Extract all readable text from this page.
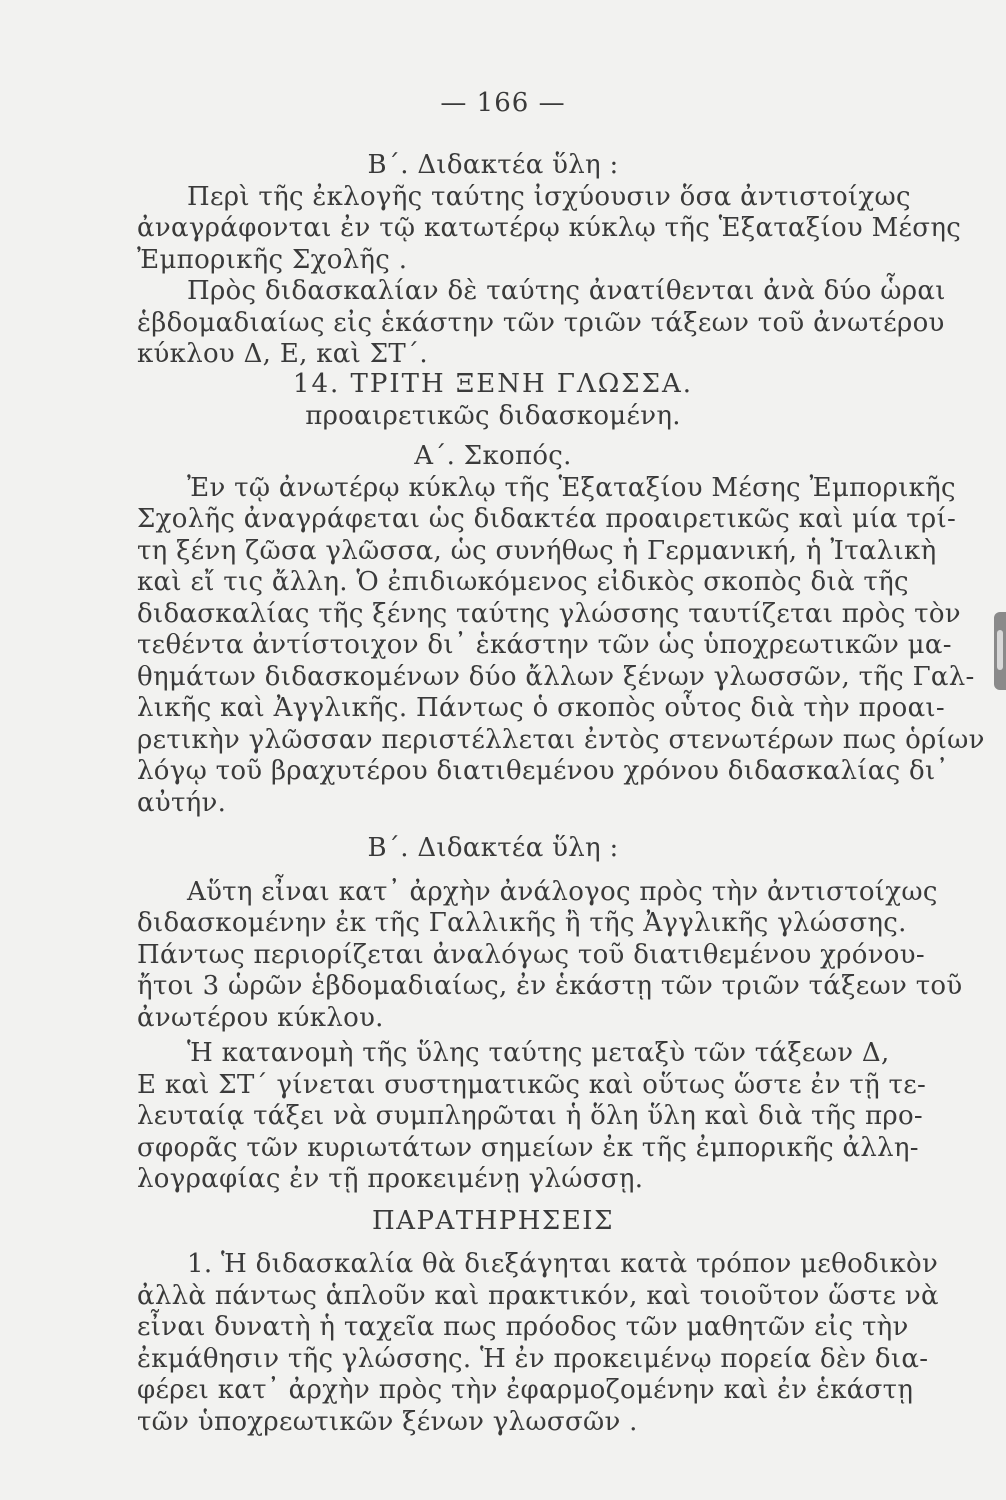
— 166 —
Β΄. Διδακτέα ὕλη :
Περὶ τῆς ἐκλογῆς ταύτης ἰσχύουσιν ὅσα ἀντιστοίχως
ἀναγράφονται ἐν τῷ κατωτέρῳ κύκλῳ τῆς Ἑξαταξίου Μέσης
Ἐμπορικῆς Σχολῆς .
Πρὸς διδασκαλίαν δὲ ταύτης ἀνατίθενται ἀνὰ δύο ὧραι
ἑβδομαδιαίως εἰς ἑκάστην τῶν τριῶν τάξεων τοῦ ἀνωτέρου
κύκλου Δ, Ε, καὶ ΣΤ΄.
14. ΤΡΙΤΗ ΞΕΝΗ ΓΛΩΣΣΑ.
προαιρετικῶς διδασκομένη.
Α΄. Σκοπός.
Ἐν τῷ ἀνωτέρῳ κύκλῳ τῆς Ἑξαταξίου Μέσης Ἐμπορικῆς
Σχολῆς ἀναγράφεται ὡς διδακτέα προαιρετικῶς καὶ μία τρί-
τη ξένη ζῶσα γλῶσσα, ὡς συνήθως ἡ Γερμανική, ἡ Ἰταλικὴ
καὶ εἴ τις ἄλλη. Ὁ ἐπιδιωκόμενος εἰδικὸς σκοπὸς διὰ τῆς
διδασκαλίας τῆς ξένης ταύτης γλώσσης ταυτίζεται πρὸς τὸν
τεθέντα ἀντίστοιχον δι᾿ ἑκάστην τῶν ὡς ὑποχρεωτικῶν μα-
θημάτων διδασκομένων δύο ἄλλων ξένων γλωσσῶν, τῆς Γαλ-
λικῆς καὶ Ἀγγλικῆς. Πάντως ὁ σκοπὸς οὗτος διὰ τὴν προαι-
ρετικὴν γλῶσσαν περιστέλλεται ἐντὸς στενωτέρων πως ὁρίων
λόγῳ τοῦ βραχυτέρου διατιθεμένου χρόνου διδασκαλίας δι᾿
αὐτήν.
Β΄. Διδακτέα ὕλη :
Αὕτη εἶναι κατ᾿ ἀρχὴν ἀνάλογος πρὸς τὴν ἀντιστοίχως
διδασκομένην ἐκ τῆς Γαλλικῆς ἢ τῆς Ἀγγλικῆς γλώσσης.
Πάντως περιορίζεται ἀναλόγως τοῦ διατιθεμένου χρόνου-
ἤτοι 3 ὡρῶν ἑβδομαδιαίως, ἐν ἑκάστῃ τῶν τριῶν τάξεων τοῦ
ἀνωτέρου κύκλου.
Ἡ κατανομὴ τῆς ὕλης ταύτης μεταξὺ τῶν τάξεων Δ,
Ε καὶ ΣΤ΄ γίνεται συστηματικῶς καὶ οὕτως ὥστε ἐν τῇ τε-
λευταίᾳ τάξει νὰ συμπληρῶται ἡ ὅλη ὕλη καὶ διὰ τῆς προ-
σφορᾶς τῶν κυριωτάτων σημείων ἐκ τῆς ἐμπορικῆς ἀλλη-
λογραφίας ἐν τῇ προκειμένῃ γλώσσῃ.
ΠΑΡΑΤΗΡΗΣΕΙΣ
1. Ἡ διδασκαλία θὰ διεξάγηται κατὰ τρόπον μεθοδικὸν
ἀλλὰ πάντως ἁπλοῦν καὶ πρακτικόν, καὶ τοιοῦτον ὥστε νὰ
εἶναι δυνατὴ ἡ ταχεῖα πως πρόοδος τῶν μαθητῶν εἰς τὴν
ἐκμάθησιν τῆς γλώσσης. Ἡ ἐν προκειμένῳ πορεία δὲν δια-
φέρει κατ᾿ ἀρχὴν πρὸς τὴν ἐφαρμοζομένην καὶ ἐν ἑκάστῃ
τῶν ὑποχρεωτικῶν ξένων γλωσσῶν .
